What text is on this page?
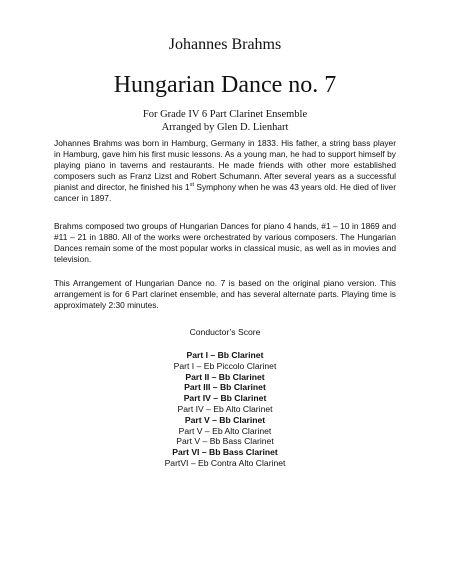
Johannes Brahms
Hungarian Dance no. 7
For Grade IV 6 Part Clarinet Ensemble
Arranged by Glen D. Lienhart

Johannes Brahms was born in Hamburg, Germany in 1833. His father, a string bass player in Hamburg, gave him his first music lessons. As a young man, he had to support himself by playing piano in taverns and restaurants. He made friends with other more established composers such as Franz Lizst and Robert Schumann. After several years as a successful pianist and director, he finished his 1st Symphony when he was 43 years old. He died of liver cancer in 1897.

Brahms composed two groups of Hungarian Dances for piano 4 hands, #1 – 10 in 1869 and #11 – 21 in 1880. All of the works were orchestrated by various composers. The Hungarian Dances remain some of the most popular works in classical music, as well as in movies and television.

This Arrangement of Hungarian Dance no. 7 is based on the original piano version. This arrangement is for 6 Part clarinet ensemble, and has several alternate parts. Playing time is approximately 2:30 minutes.

Conductor’s Score
Part I – Bb Clarinet
Part I – Eb Piccolo Clarinet
Part II – Bb Clarinet
Part III – Bb Clarinet
Part IV – Bb Clarinet
Part IV – Eb Alto Clarinet
Part V – Bb Clarinet
Part V – Eb Alto Clarinet
Part V – Bb Bass Clarinet
Part VI – Bb Bass Clarinet
PartVI – Eb Contra Alto Clarinet
